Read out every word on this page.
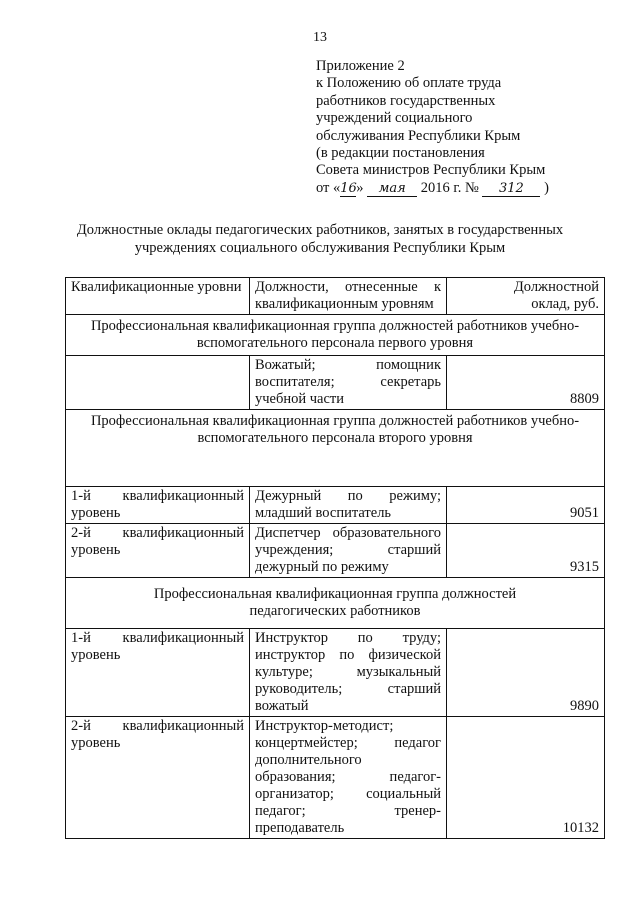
13
Приложение 2
к Положению об оплате труда
работников государственных
учреждений социального
обслуживания Республики Крым
(в редакции постановления
Совета министров Республики Крым
от «16» мая 2016 г. № 312 )
Должностные оклады педагогических работников, занятых в государственных учреждениях социального обслуживания Республики Крым
Квалификационные уровни	Должности, отнесенные к квалификационным уровням	Должностной оклад, руб.
Профессиональная квалификационная группа должностей работников учебно-вспомогательного персонала первого уровня		
	Вожатый; помощник воспитателя; секретарь учебной части	8809
Профессиональная квалификационная группа должностей работников учебно-вспомогательного персонала второго уровня		

1-й квалификационный уровень	Дежурный по режиму; младший воспитатель	9051
2-й квалификационный уровень	Диспетчер образовательного учреждения; старший дежурный по режиму	9315
Профессиональная квалификационная группа должностей педагогических работников		
1-й квалификационный уровень	Инструктор по труду; инструктор по физической культуре; музыкальный руководитель; старший вожатый	9890
2-й квалификационный уровень	Инструктор-методист; концертмейстер; педагог дополнительного образования; педагог-организатор; социальный педагог; тренер-преподаватель	10132
